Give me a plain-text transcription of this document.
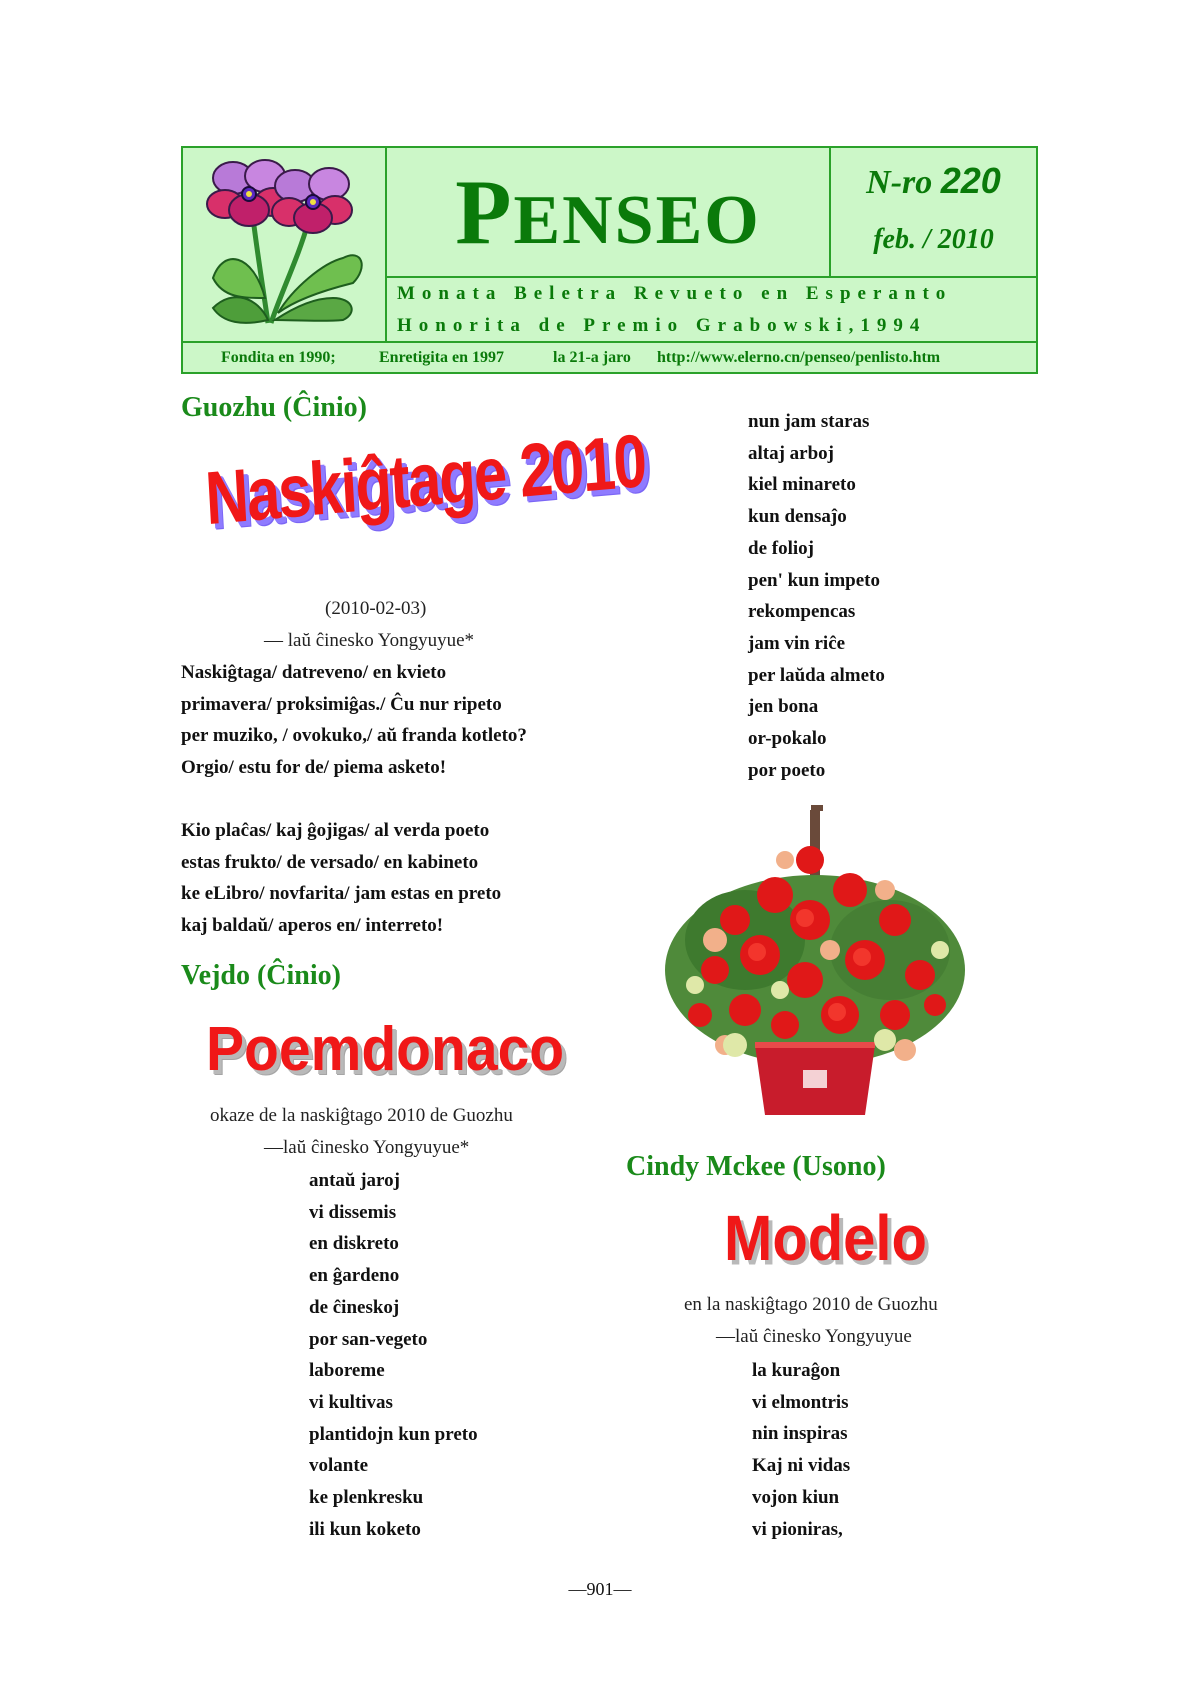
PENSEO	N-ro 220
feb. / 2010
Monata Beletra Revueto en Esperanto
Honorita de Premio Grabowski,1994
Fondita en 1990;	Enretigita en 1997	la 21-a jaro http://www.elerno.cn/penseo/penlisto.htm
Guozhu (Ĉinio)
Naskiĝtage 2010
(2010-02-03)
— laŭ ĉinesko Yongyuyue*
Naskiĝtaga/ datreveno/ en kvieto
primavera/ proksimiĝas./ Ĉu nur ripeto
per muziko, / ovokuko,/ aŭ franda kotleto?
Orgio/ estu for de/ piema asketo!
Kio plaĉas/ kaj ĝojigas/ al verda poeto
estas frukto/ de versado/ en kabineto
ke eLibro/ novfarita/ jam estas en preto
kaj baldaŭ/ aperos en/ interreto!
Vejdo (Ĉinio)
Poemdonaco
okaze de la naskiĝtago 2010 de Guozhu
—laŭ ĉinesko Yongyuyue*
antaŭ jaroj
vi dissemis
en diskreto
en ĝardeno
de ĉineskoj
por san-vegeto
laboreme
vi kultivas
plantidojn kun preto
volante
ke plenkresku
ili kun koketo
nun jam staras
altaj arboj
kiel minareto
kun densaĵo
de folioj
pen' kun impeto
rekompencas
jam vin riĉe
per laŭda almeto
jen bona
or-pokalo
por poeto
Cindy Mckee (Usono)
Modelo
en la naskiĝtago 2010 de Guozhu
—laŭ ĉinesko Yongyuyue
la kuraĝon
vi elmontris
nin inspiras
Kaj ni vidas
vojon kiun
vi pioniras,
—901—
